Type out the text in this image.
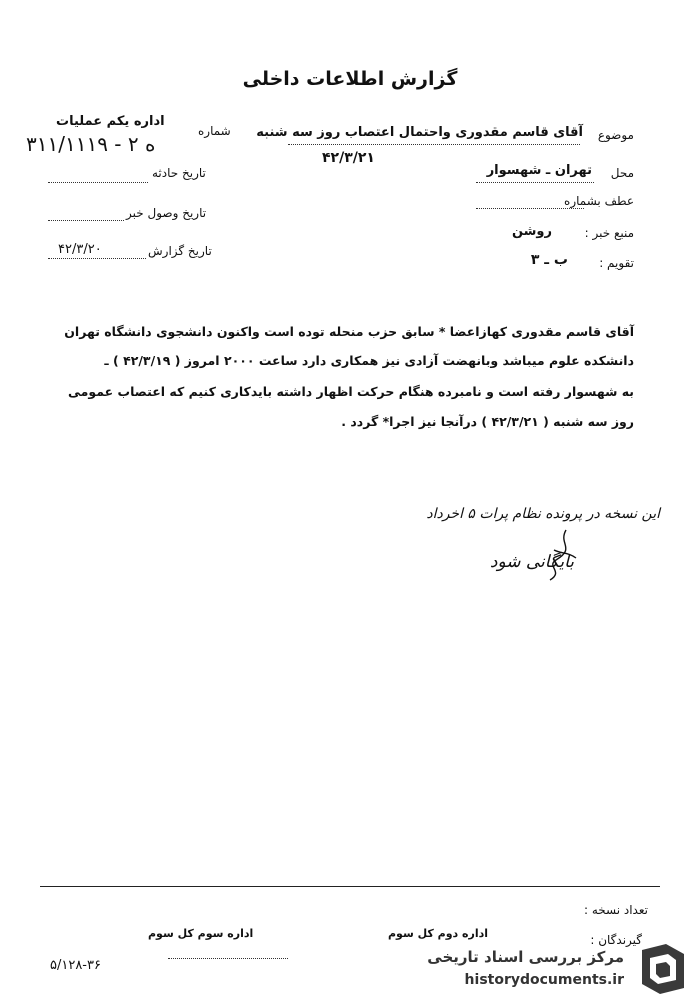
گزارش اطلاعات داخلی
موضوع
آقای قاسم مقدوری واحتمال اعتصاب روز سه شنبه
۴۲/۳/۲۱
محل
تهران ـ شهسوار
عطف بشماره
منبع خبر :
روشن
تقویم :
ب ـ ۳
شماره
اداره یکم عملیات
۳۱۱/۱۱۱۹ - ۲ ه
تاریخ حادثه
تاریخ وصول خبر
تاریخ گزارش
۴۲/۳/۲۰
آقای قاسم مقدوری کهازاعضا * سابق حزب منحله توده است واکنون دانشجوی دانشگاه تهران
دانشکده علوم میباشد وبانهضت آزادی نیز همکاری دارد ساعت ۲۰۰۰ امروز ( ۴۲/۳/۱۹ ) ـ
به شهسوار رفته است و نامبرده هنگام حرکت اظهار داشته بایدکاری کنیم که اعتصاب عمومی
روز سه شنبه ( ۴۲/۳/۲۱ ) درآنجا نیز اجرا* گردد .
این نسخه در پرونده نظام پرات ۵ اخرداد
بایگانی شود
تعداد نسخه :
گیرندگان :
اداره دوم کل سوم
اداره سوم کل سوم
۵/۱۲۸-۳۶	مرکز بررسی اسناد تاریخی
historydocuments.ir
